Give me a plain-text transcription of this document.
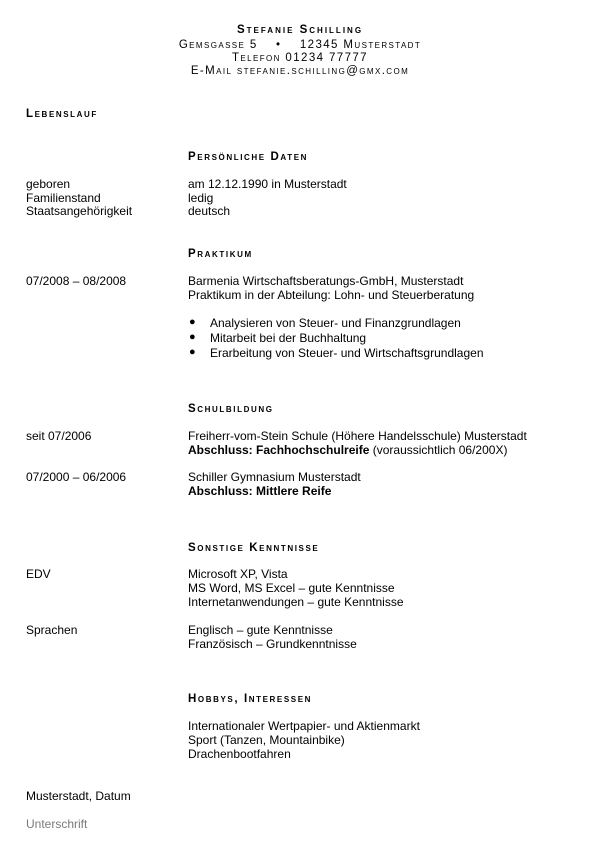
Stefanie Schilling
Gemsgasse 5    •    12345 Musterstadt
Telefon 01234 77777
E-Mail stefanie.schilling@gmx.com
Lebenslauf
Persönliche Daten
geboren	am 12.12.1990 in Musterstadt
Familienstand	ledig
Staatsangehörigkeit	deutsch
Praktikum
07/2008 – 08/2008	Barmenia Wirtschaftsberatungs-GmbH, Musterstadt
Praktikum in der Abteilung: Lohn- und Steuerberatung
● Analysieren von Steuer- und Finanzgrundlagen
● Mitarbeit bei der Buchhaltung
● Erarbeitung von Steuer- und Wirtschaftsgrundlagen
Schulbildung
seit 07/2006	Freiherr-vom-Stein Schule (Höhere Handelsschule) Musterstadt
Abschluss: Fachhochschulreife (voraussichtlich 06/200X)
07/2000 – 06/2006	Schiller Gymnasium Musterstadt
Abschluss: Mittlere Reife
Sonstige Kenntnisse
EDV	Microsoft XP, Vista
MS Word, MS Excel – gute Kenntnisse
Internetanwendungen – gute Kenntnisse
Sprachen	Englisch – gute Kenntnisse
Französisch – Grundkenntnisse
Hobbys, Interessen
Internationaler Wertpapier- und Aktienmarkt
Sport (Tanzen, Mountainbike)
Drachenbootfahren
Musterstadt, Datum
Unterschrift
